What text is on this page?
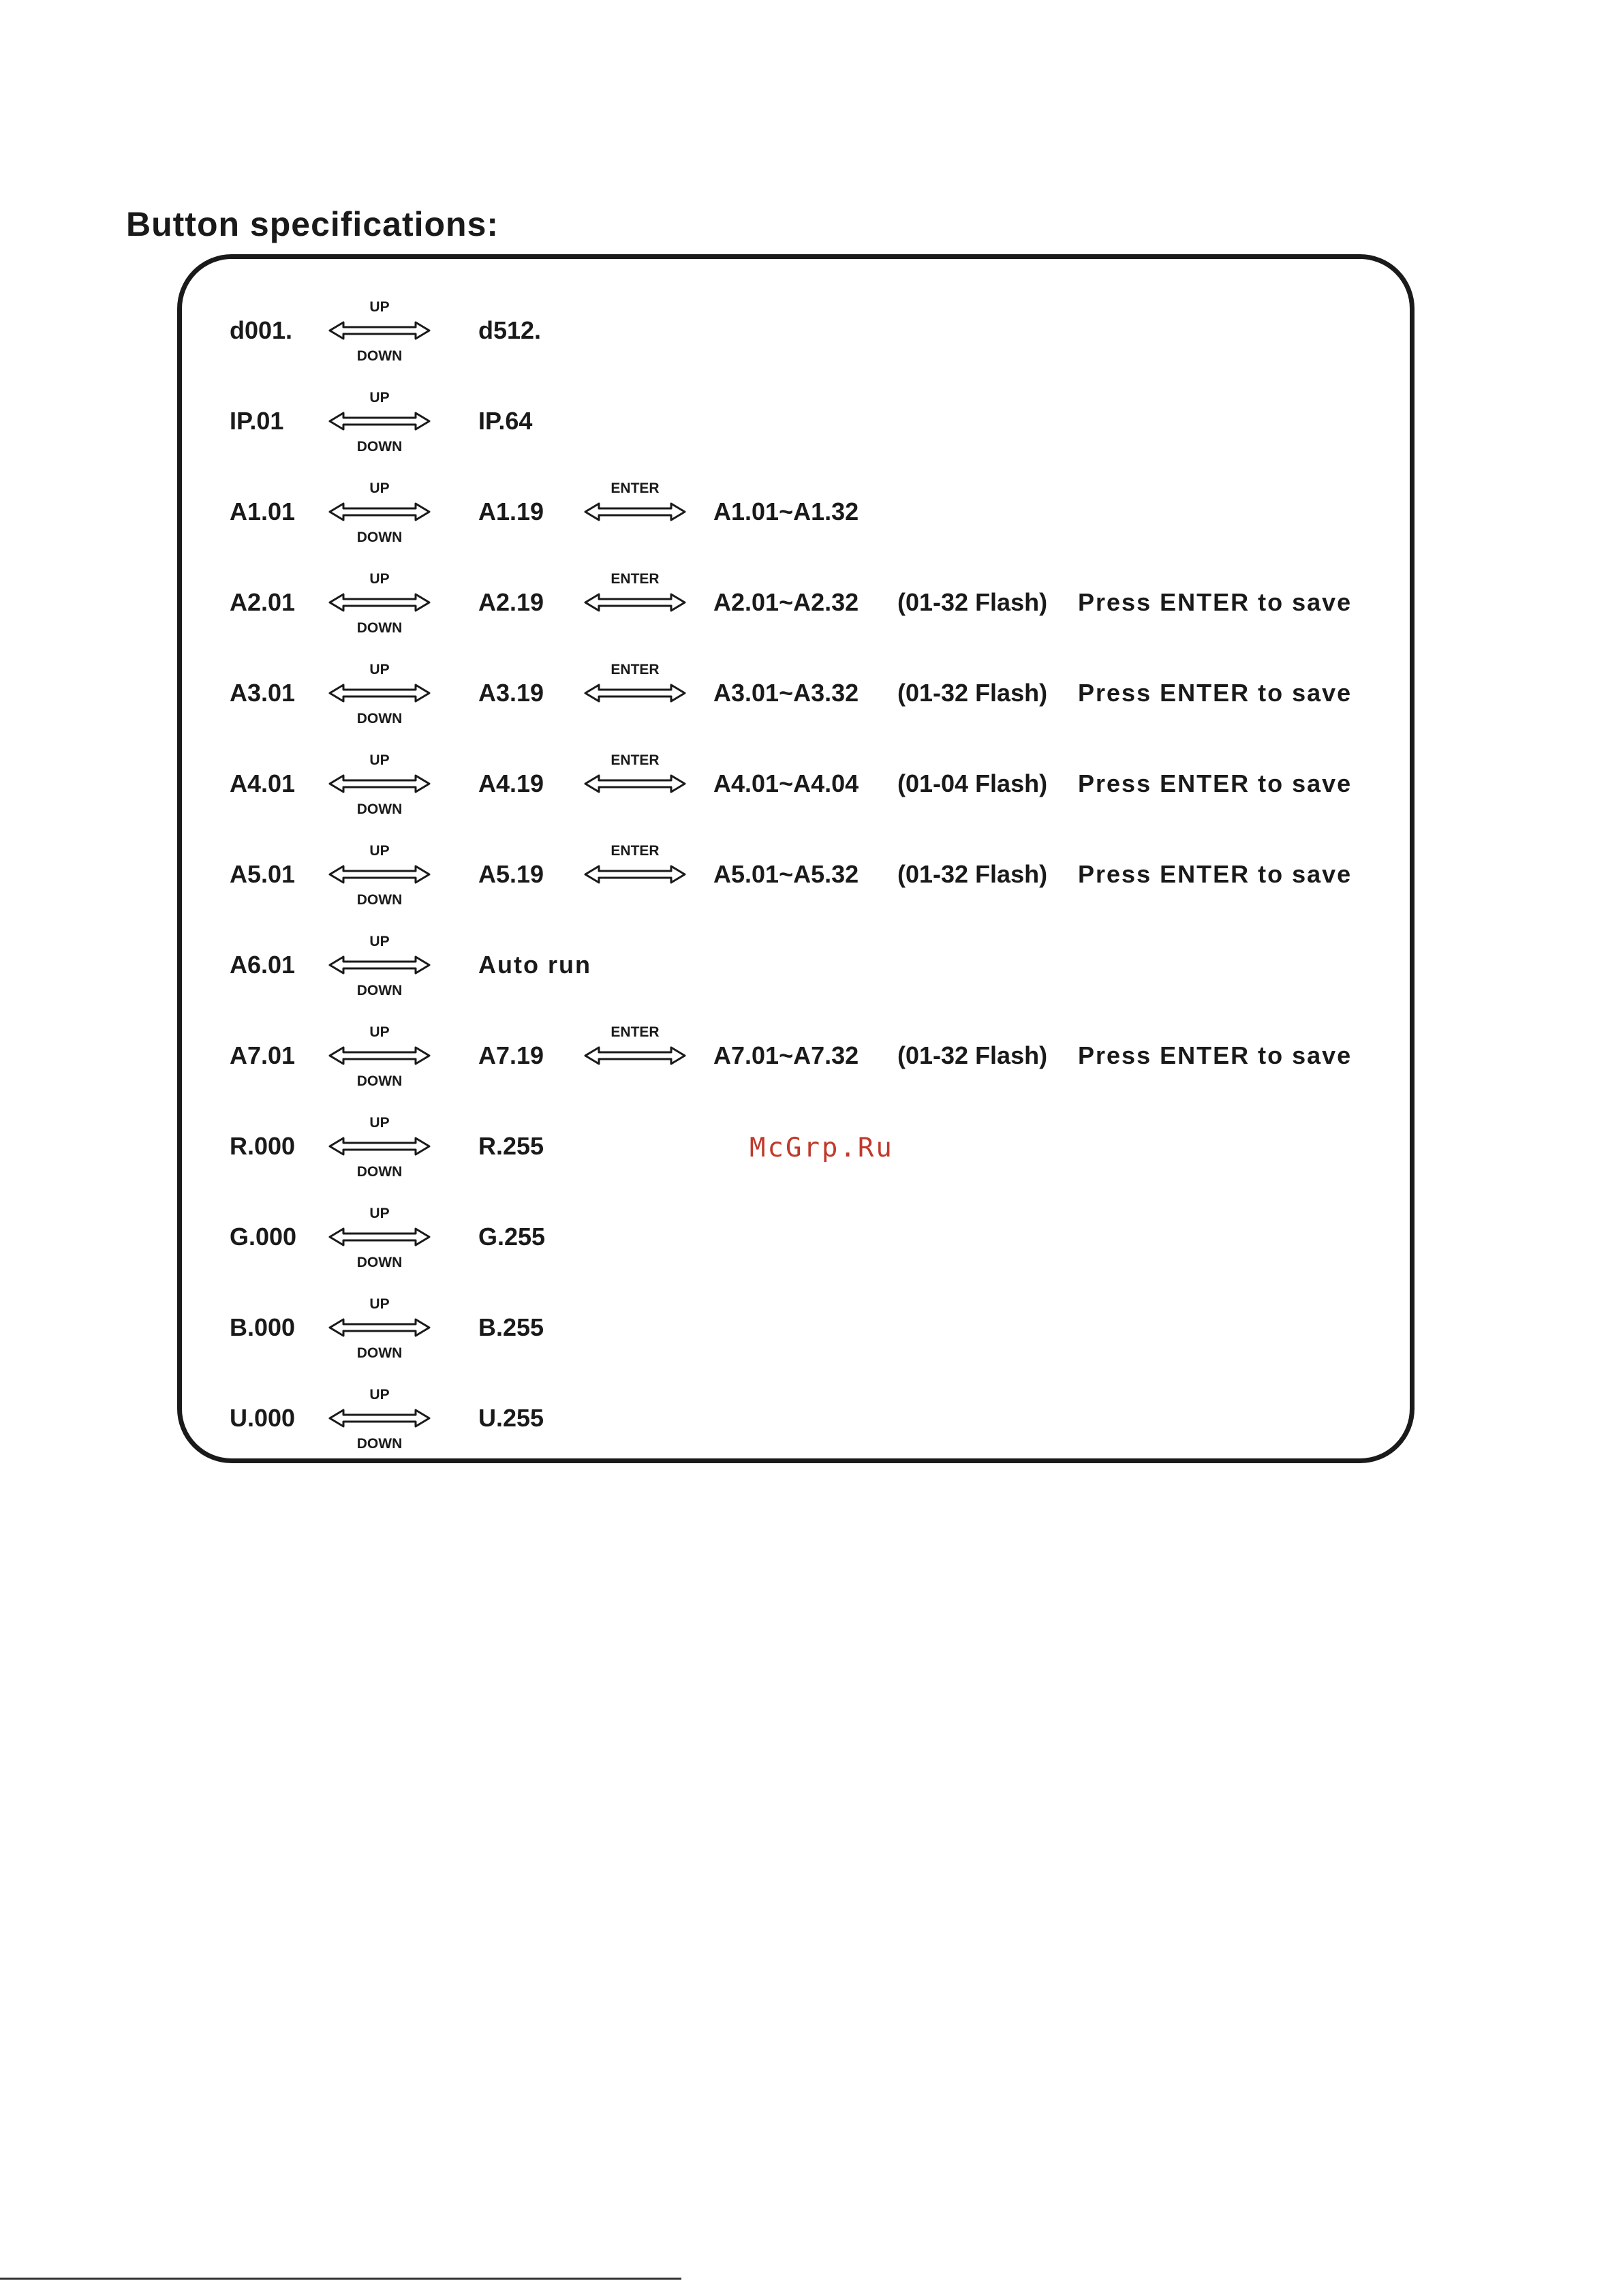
Button specifications:
d001.
UP
DOWN
d512.
IP.01
UP
DOWN
IP.64
A1.01
UP
DOWN
A1.19
ENTER
A1.01~A1.32
A2.01
UP
DOWN
A2.19
ENTER
A2.01~A2.32 (01-32 Flash) Press ENTER to save
A3.01
UP
DOWN
A3.19
ENTER
A3.01~A3.32 (01-32 Flash) Press ENTER to save
A4.01
UP
DOWN
A4.19
ENTER
A4.01~A4.04 (01-04 Flash) Press ENTER to save
A5.01
UP
DOWN
A5.19
ENTER
A5.01~A5.32 (01-32 Flash) Press ENTER to save
A6.01
UP
DOWN
Auto run
A7.01
UP
DOWN
A7.19
ENTER
A7.01~A7.32 (01-32 Flash) Press ENTER to save
R.000
UP
DOWN
R.255
G.000
UP
DOWN
G.255
B.000
UP
DOWN
B.255
U.000
UP
DOWN
U.255
McGrp.Ru
